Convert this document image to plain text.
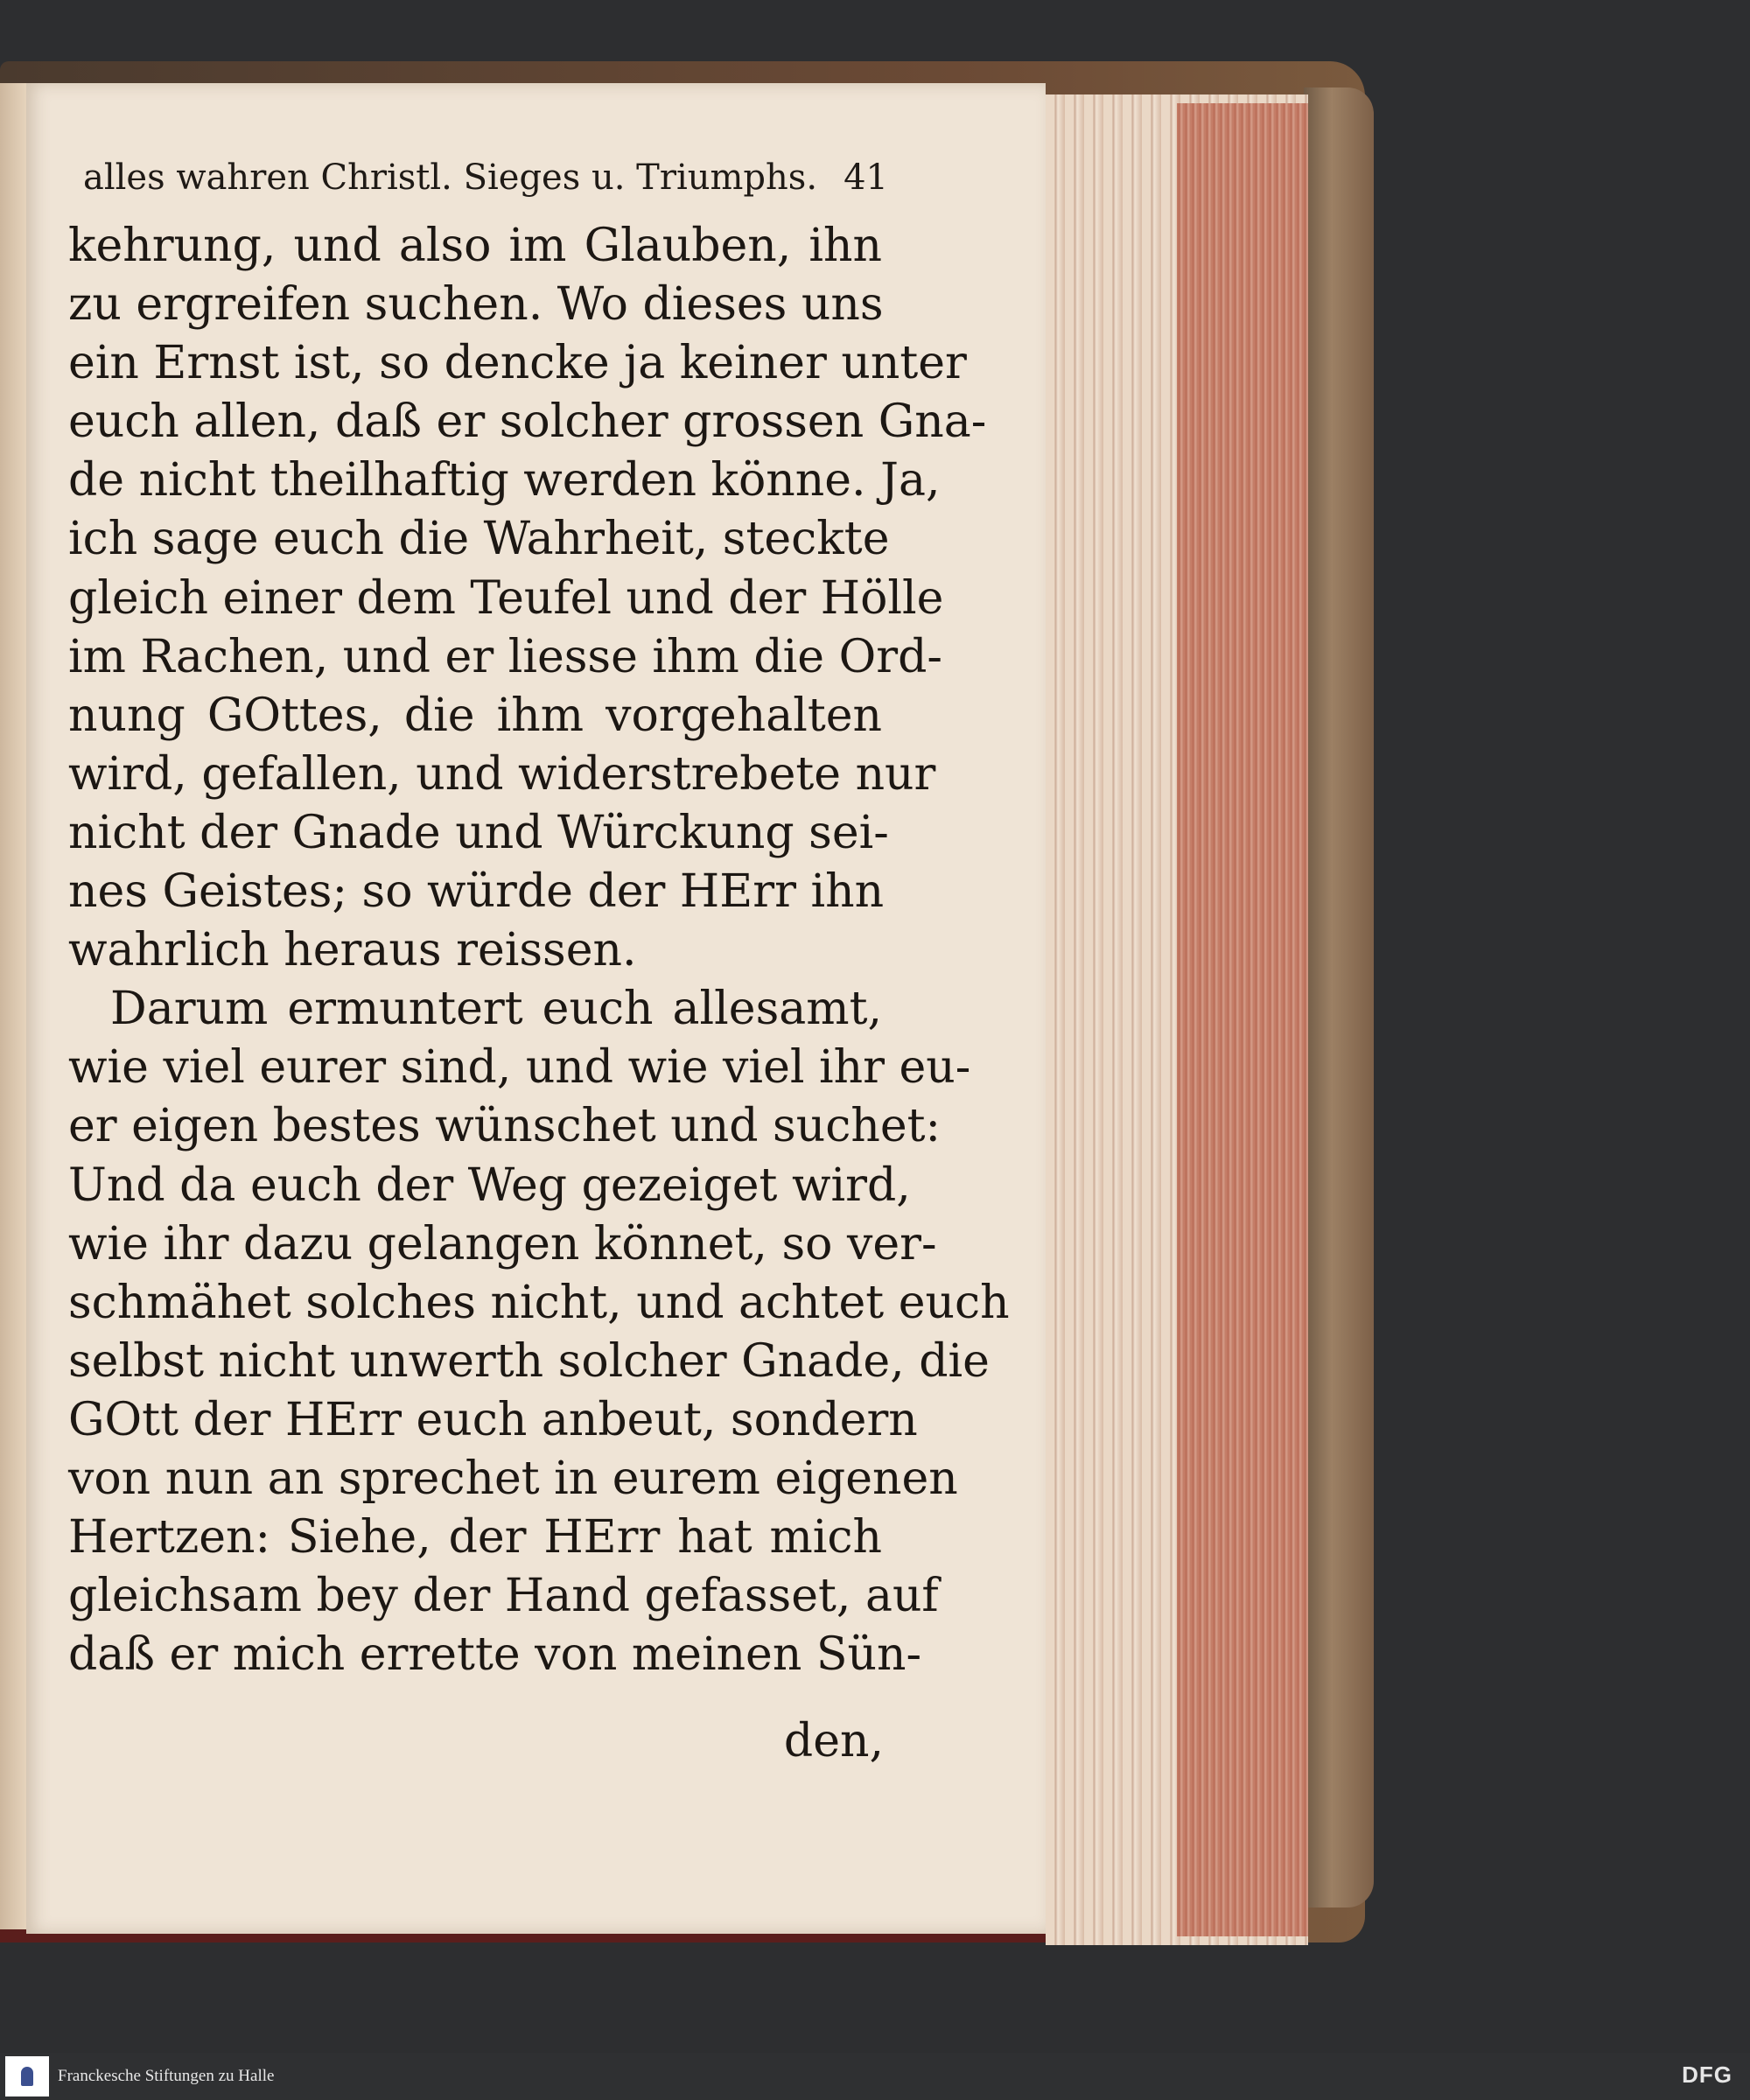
alles wahren Christl. Sieges u. Triumphs. 41
kehrung, und also im Glauben, ihn
zu ergreifen suchen. Wo dieses uns
ein Ernst ist, so dencke ja keiner unter
euch allen, daß er solcher grossen Gna-
de nicht theilhaftig werden könne. Ja,
ich sage euch die Wahrheit, steckte
gleich einer dem Teufel und der Hölle
im Rachen, und er liesse ihm die Ord-
nung GOttes, die ihm vorgehalten
wird, gefallen, und widerstrebete nur
nicht der Gnade und Würckung sei-
nes Geistes; so würde der HErr ihn
wahrlich heraus reissen.
Darum ermuntert euch allesamt,
wie viel eurer sind, und wie viel ihr eu-
er eigen bestes wünschet und suchet:
Und da euch der Weg gezeiget wird,
wie ihr dazu gelangen könnet, so ver-
schmähet solches nicht, und achtet euch
selbst nicht unwerth solcher Gnade, die
GOtt der HErr euch anbeut, sondern
von nun an sprechet in eurem eigenen
Hertzen: Siehe, der HErr hat mich
gleichsam bey der Hand gefasset, auf
daß er mich errette von meinen Sün-
den,
Franckesche Stiftungen zu Halle	DFG
